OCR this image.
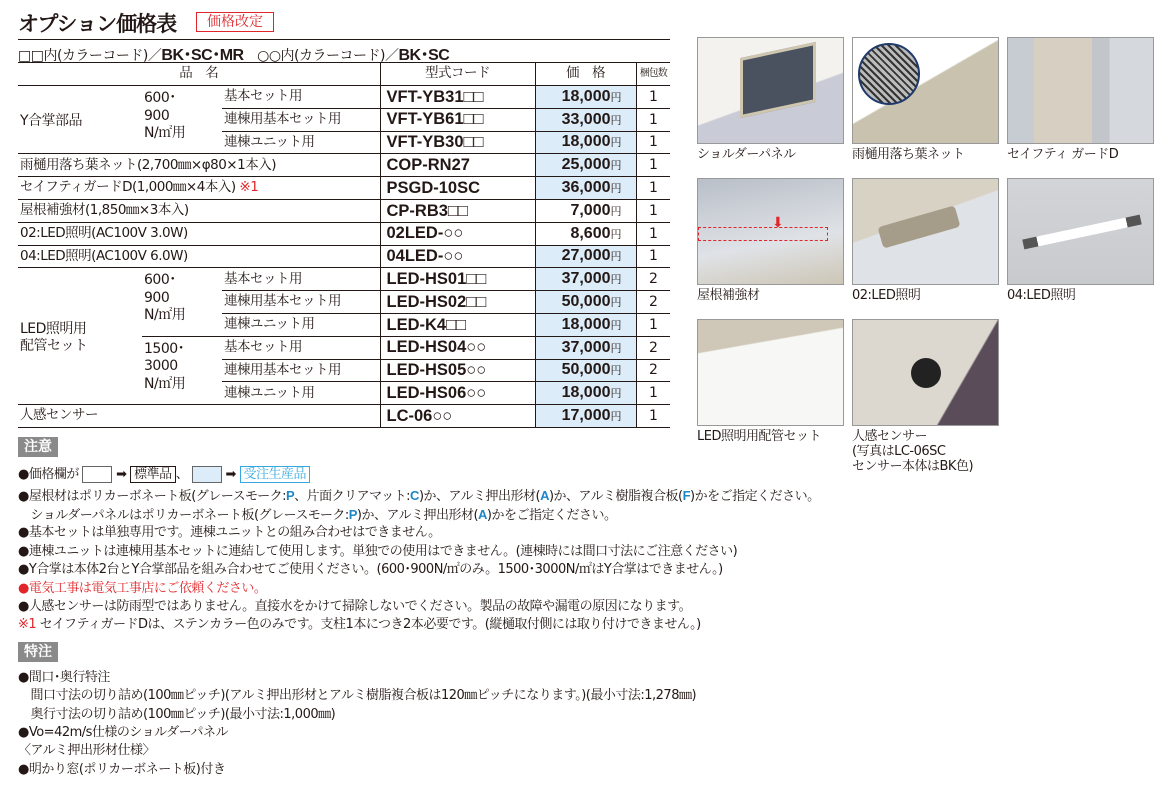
オプション価格表	価格改定
□□内(カラーコード)／BK･SC･MR　 ○○内(カラーコード)／BK･SC
品　名			型式コード	価　格	梱包数
Y合掌部品	600･
900
N/㎡用	基本セット用	VFT-YB31□□	18,000円	1
		連棟用基本セット用	VFT-YB61□□	33,000円	1
		連棟ユニット用	VFT-YB30□□	18,000円	1
雨樋用落ち葉ネット(2,700㎜×φ80×1本入)			COP-RN27	25,000円	1
セイフティガードD(1,000㎜×4本入) ※1			PSGD-10SC	36,000円	1
屋根補強材(1,850㎜×3本入)			CP-RB3□□	7,000円	1
02:LED照明(AC100V 3.0W)			02LED-○○	8,600円	1
04:LED照明(AC100V 6.0W)			04LED-○○	27,000円	1
LED照明用
配管セット	600･
900
N/㎡用	基本セット用	LED-HS01□□	37,000円	2
		連棟用基本セット用	LED-HS02□□	50,000円	2
		連棟ユニット用	LED-K4□□	18,000円	1
	1500･
3000
N/㎡用	基本セット用	LED-HS04○○	37,000円	2
		連棟用基本セット用	LED-HS05○○	50,000円	2
		連棟ユニット用	LED-HS06○○	18,000円	1
人感センサー			LC-06○○	17,000円	1
注意
●価格欄が	➡ 標準品 、	➡ 受注生産品
●屋根材はポリカーボネート板(グレースモーク:P、片面クリアマット:C)か、アルミ押出形材(A)か、アルミ樹脂複合板(F)かをご指定ください。
　ショルダーパネルはポリカーボネート板(グレースモーク:P)か、アルミ押出形材(A)かをご指定ください。
●基本セットは単独専用です。連棟ユニットとの組み合わせはできません。
●連棟ユニットは連棟用基本セットに連結して使用します。単独での使用はできません。(連棟時には間口寸法にご注意ください)
●Y合掌は本体2台とY合掌部品を組み合わせてご使用ください。(600･900N/㎡のみ。1500･3000N/㎡はY合掌はできません。)
●電気工事は電気工事店にご依頼ください。
●人感センサーは防雨型ではありません。直接水をかけて掃除しないでください。製品の故障や漏電の原因になります。
※1 セイフティガードDは、ステンカラー色のみです。支柱1本につき2本必要です。(縦樋取付側には取り付けできません。)
特注
●間口･奥行特注
　間口寸法の切り詰め(100㎜ピッチ)(アルミ押出形材とアルミ樹脂複合板は120㎜ピッチになります。)(最小寸法:1,278㎜)
　奥行寸法の切り詰め(100㎜ピッチ)(最小寸法:1,000㎜)
●Vo=42m/s仕様のショルダーパネル
〈アルミ押出形材仕様〉
●明かり窓(ポリカーボネート板)付き
ショルダーパネル	雨樋用落ち葉ネット	セイフティ ガードD
⬇
屋根補強材	02:LED照明	04:LED照明
LED照明用配管セット 人感センサー
(写真はLC-06SC
センサー本体はBK色)
